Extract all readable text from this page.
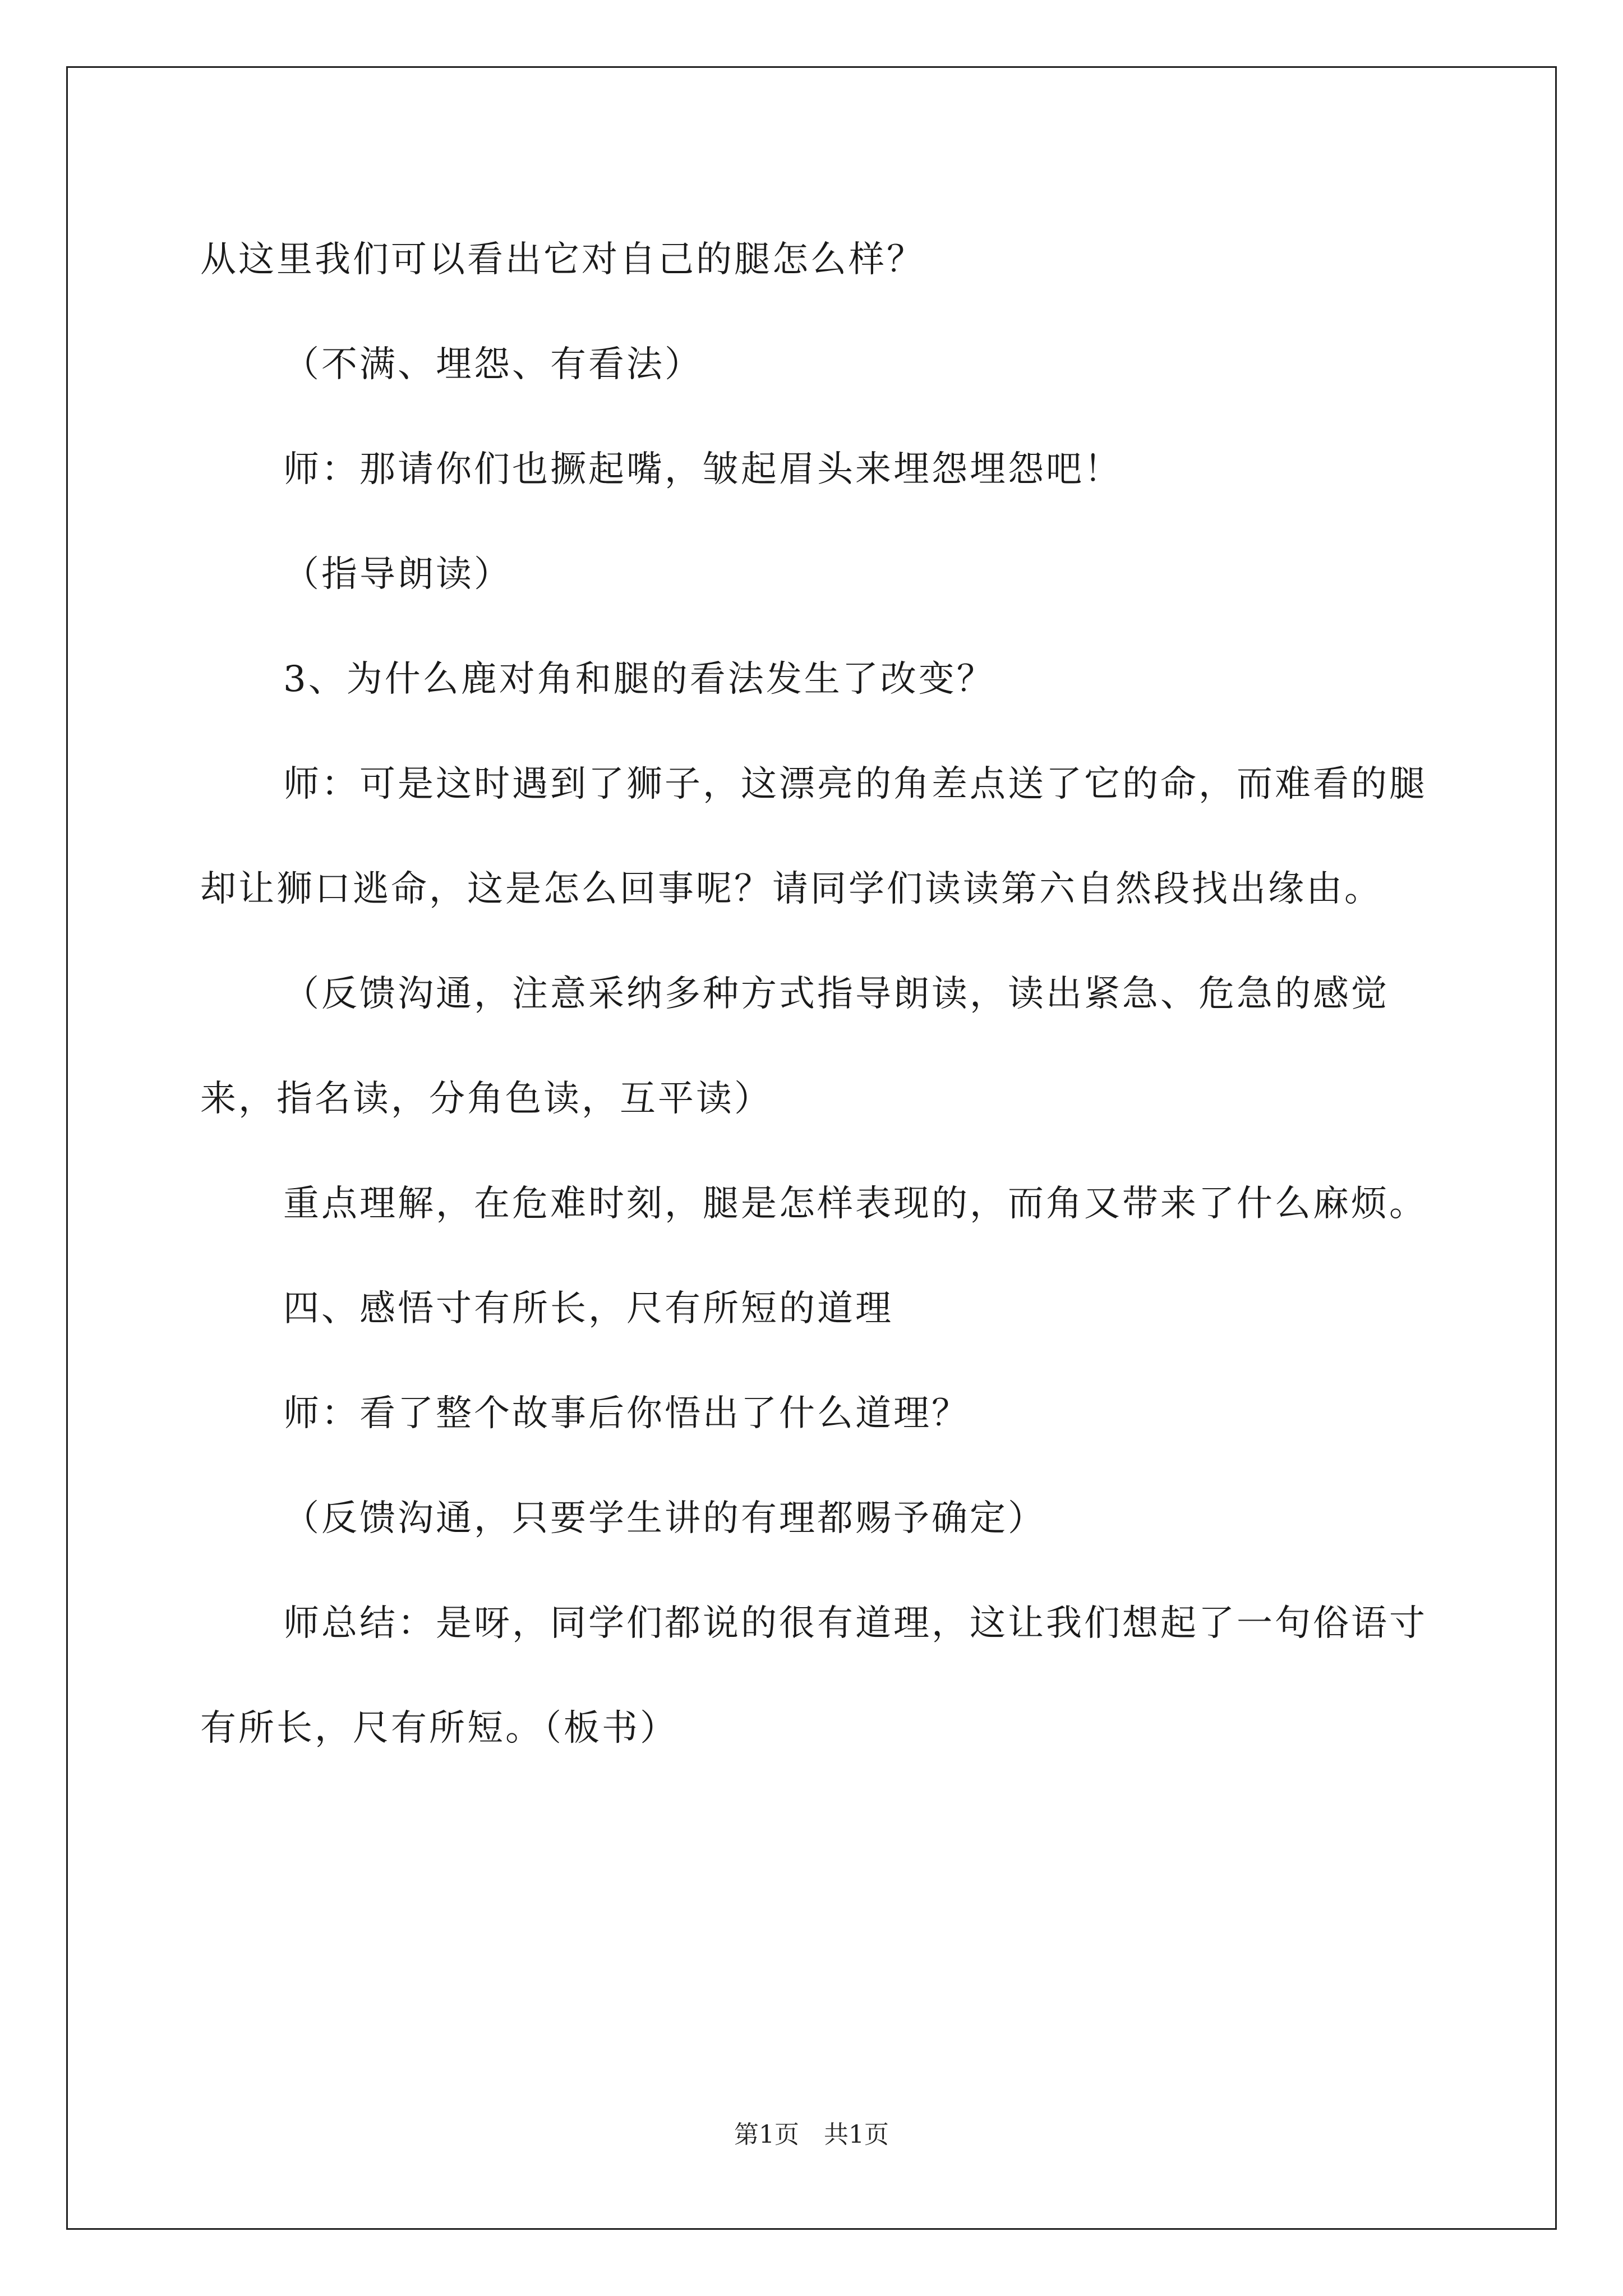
从这里我们可以看出它对自己的腿怎么样？

（不满、埋怨、有看法）

师：那请你们也撅起嘴，皱起眉头来埋怨埋怨吧！

（指导朗读）

3、为什么鹿对角和腿的看法发生了改变？

师：可是这时遇到了狮子，这漂亮的角差点送了它的命，而难看的腿却让狮口逃命，这是怎么回事呢？请同学们读读第六自然段找出缘由。

（反馈沟通，注意采纳多种方式指导朗读，读出紧急、危急的感觉来，指名读，分角色读，互平读）

重点理解，在危难时刻，腿是怎样表现的，而角又带来了什么麻烦。

四、感悟寸有所长，尺有所短的道理

师：看了整个故事后你悟出了什么道理？

（反馈沟通，只要学生讲的有理都赐予确定）

师总结：是呀，同学们都说的很有道理，这让我们想起了一句俗语寸有所长，尺有所短。（板书）

第1页　共1页
